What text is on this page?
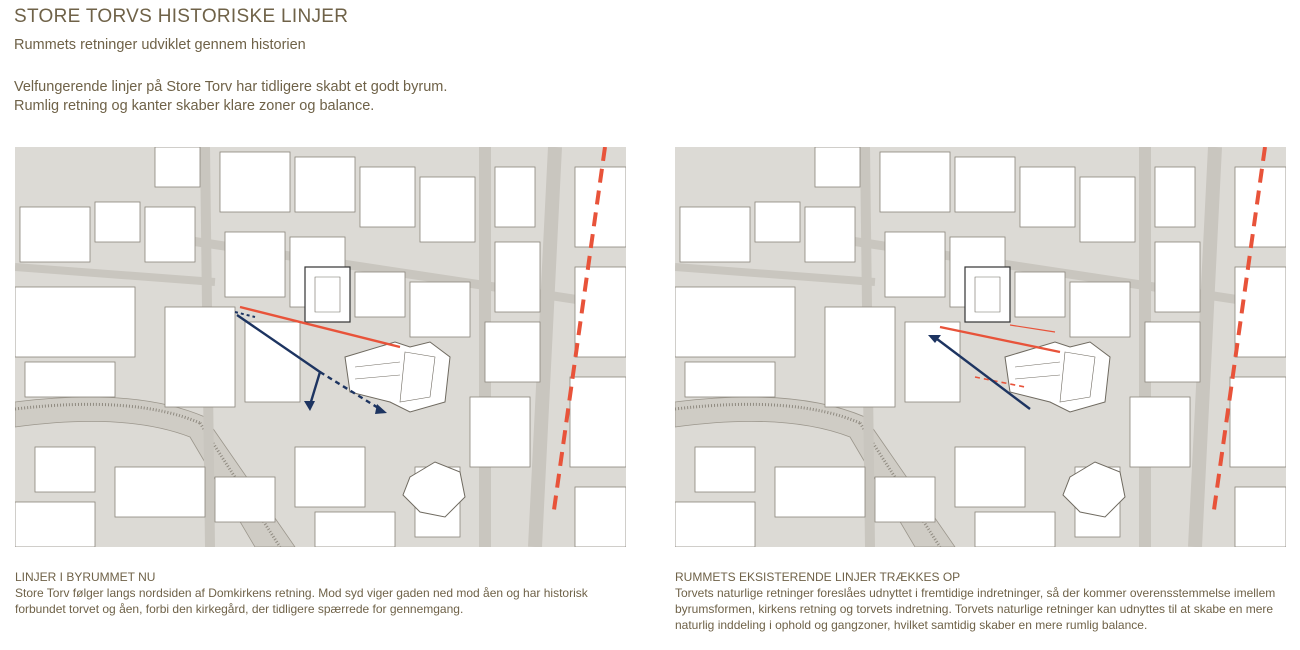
STORE TORVS HISTORISKE LINJER
Rummets retninger udviklet gennem historien
Velfungerende linjer på Store Torv har tidligere skabt et godt byrum.
Rumlig retning og kanter skaber klare zoner og balance.
LINJER I BYRUMMET NU
Store Torv følger langs nordsiden af Domkirkens retning. Mod syd viger gaden ned mod åen og har historisk forbundet torvet og åen, forbi den kirkegård, der tidligere spærrede for gennemgang.
RUMMETS EKSISTERENDE LINJER TRÆKKES OP
Torvets naturlige retninger foreslåes udnyttet i fremtidige indretninger, så der kommer overensstemmelse imellem byrumsformen, kirkens retning og torvets indretning. Torvets naturlige retninger kan udnyttes til at skabe en mere naturlig inddeling i ophold og gangzoner, hvilket samtidig skaber en mere rumlig balance.
